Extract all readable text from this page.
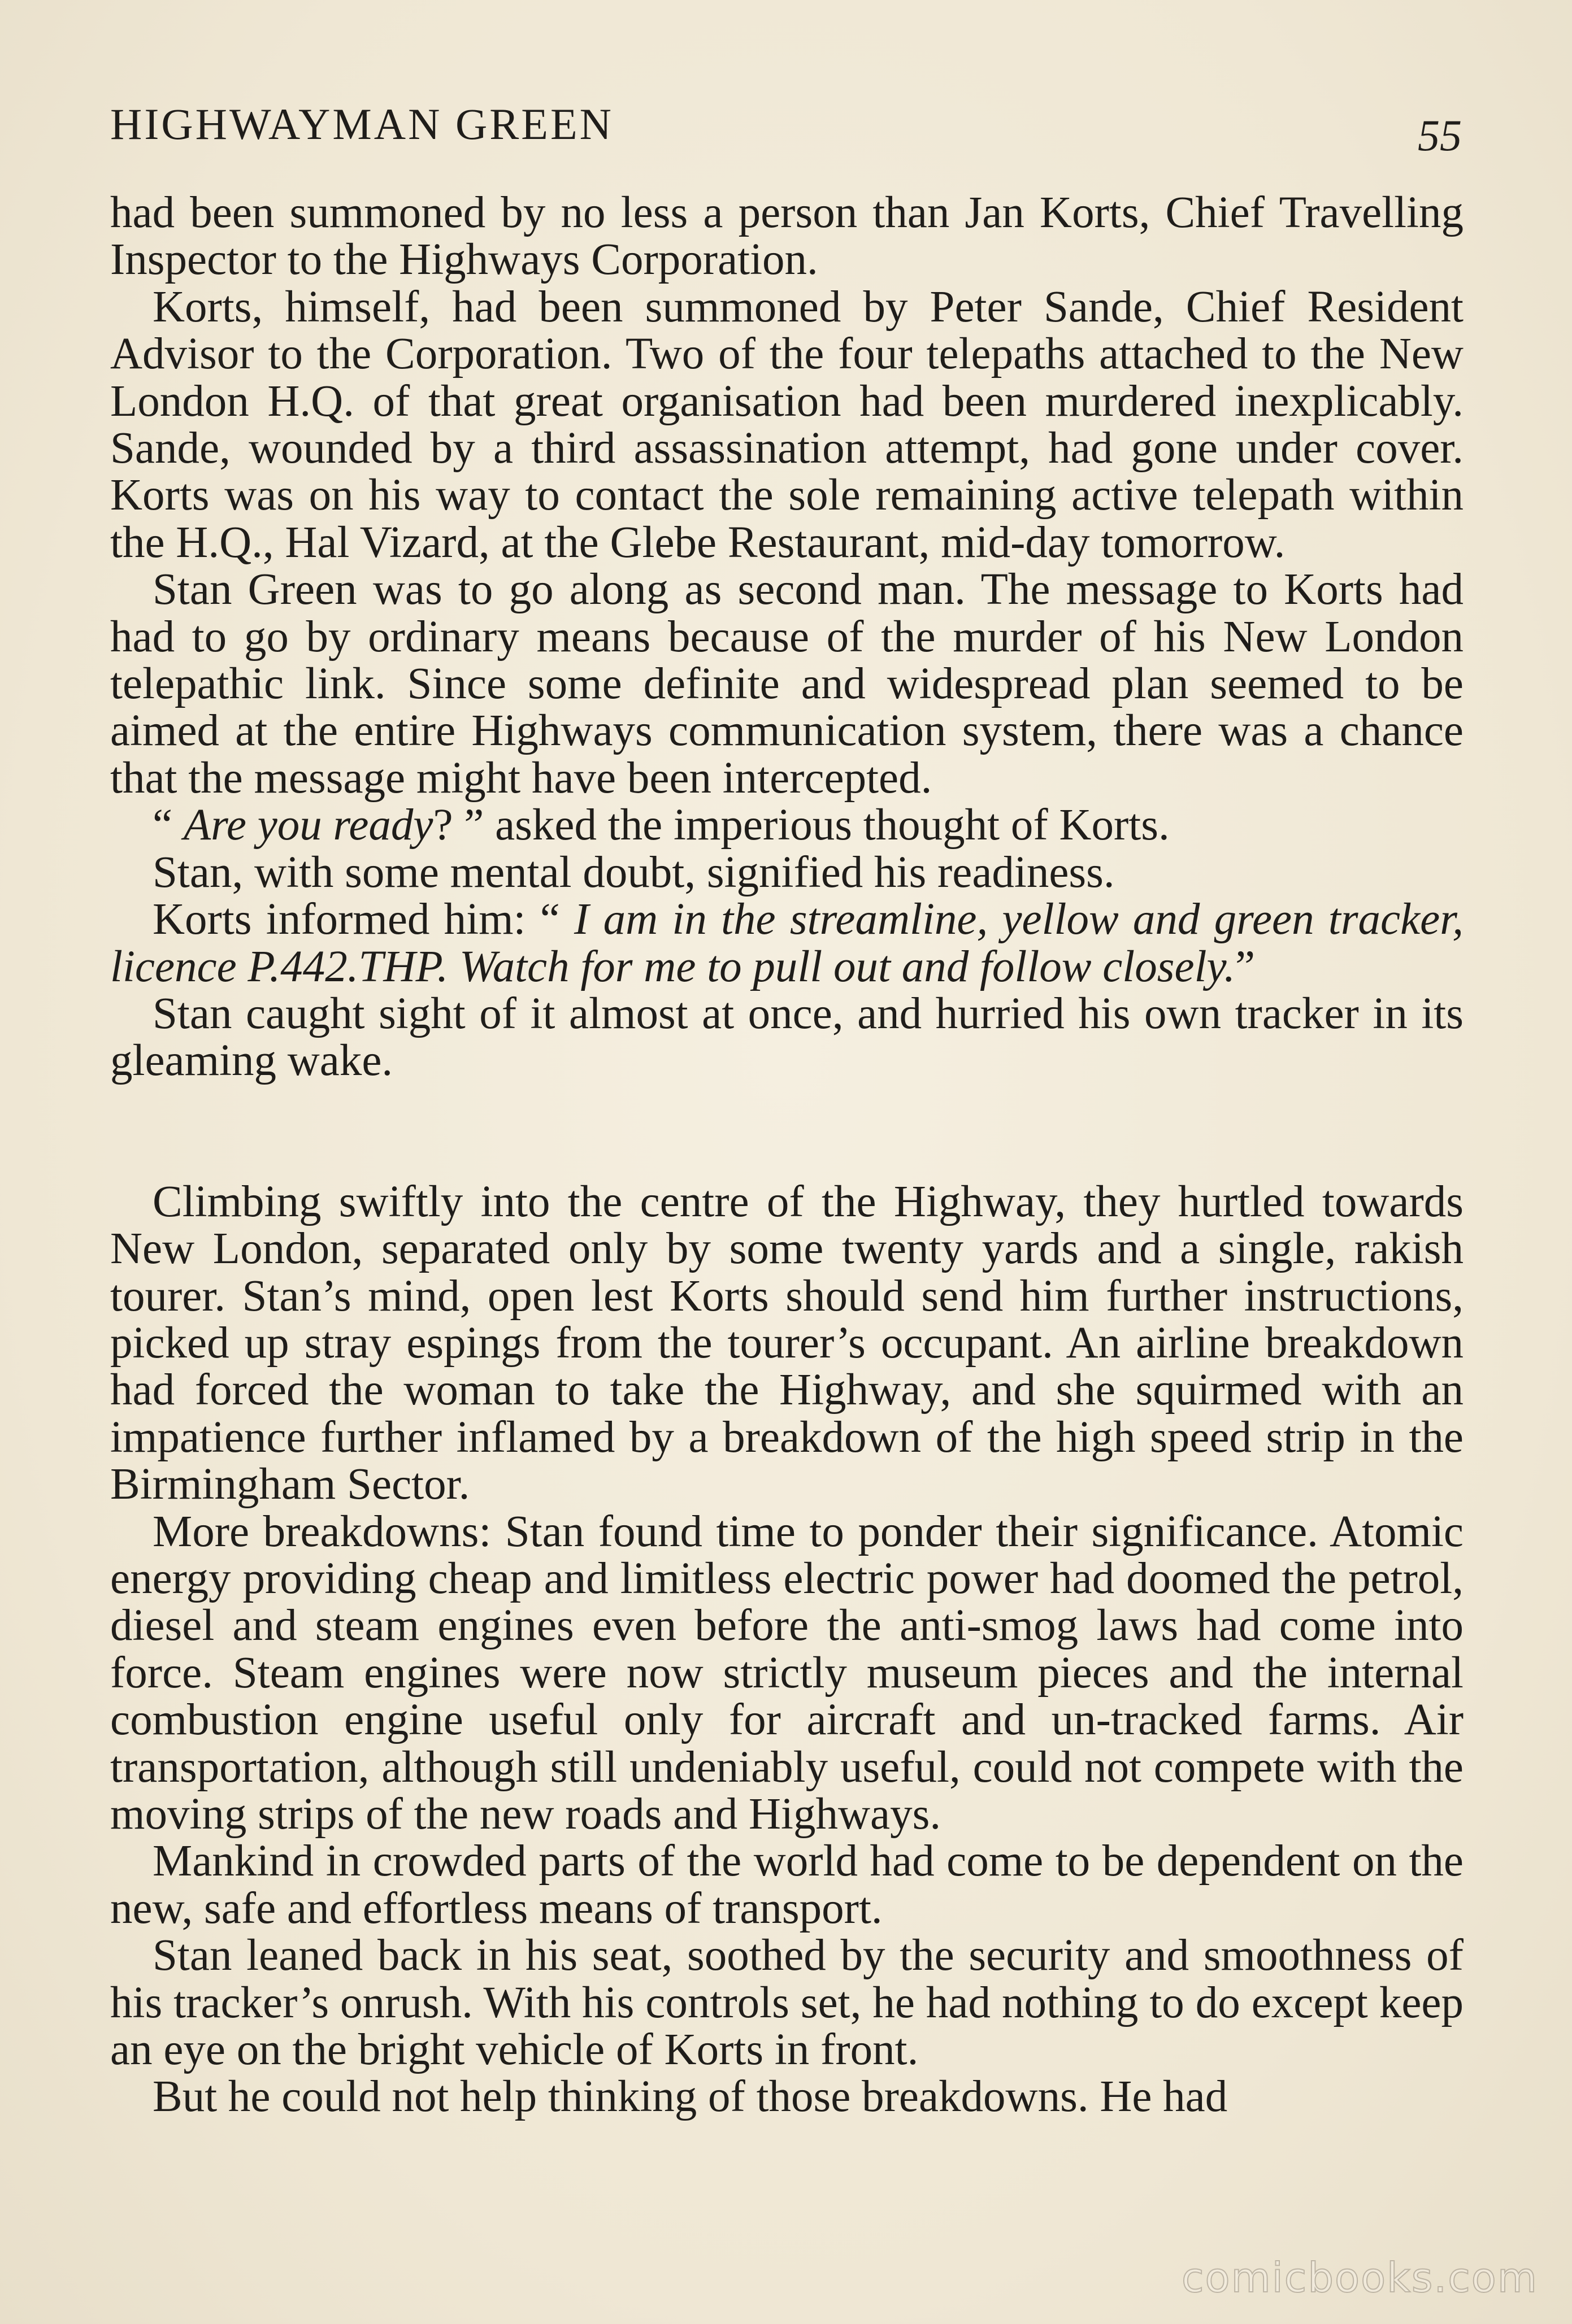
HIGHWAYMAN GREEN	55

had been summoned by no less a person than Jan Korts, Chief Travelling Inspector to the Highways Corporation.

Korts, himself, had been summoned by Peter Sande, Chief Resident Advisor to the Corporation. Two of the four telepaths attached to the New London H.Q. of that great organisation had been murdered inexplicably. Sande, wounded by a third assassination attempt, had gone under cover. Korts was on his way to contact the sole remaining active telepath within the H.Q., Hal Vizard, at the Glebe Restaurant, mid-day tomorrow.

Stan Green was to go along as second man. The message to Korts had had to go by ordinary means because of the murder of his New London telepathic link. Since some definite and widespread plan seemed to be aimed at the entire Highways communication system, there was a chance that the message might have been intercepted.

“ Are you ready? ” asked the imperious thought of Korts.

Stan, with some mental doubt, signified his readiness.

Korts informed him: “ I am in the streamline, yellow and green tracker, licence P.442.THP. Watch for me to pull out and follow closely.”

Stan caught sight of it almost at once, and hurried his own tracker in its gleaming wake.

Climbing swiftly into the centre of the Highway, they hurtled towards New London, separated only by some twenty yards and a single, rakish tourer. Stan’s mind, open lest Korts should send him further instructions, picked up stray espings from the tourer’s occupant. An airline breakdown had forced the woman to take the Highway, and she squirmed with an impatience further inflamed by a breakdown of the high speed strip in the Birmingham Sector.

More breakdowns: Stan found time to ponder their significance. Atomic energy providing cheap and limitless electric power had doomed the petrol, diesel and steam engines even before the anti-smog laws had come into force. Steam engines were now strictly museum pieces and the internal combustion engine useful only for aircraft and un-tracked farms. Air transportation, although still undeniably useful, could not compete with the moving strips of the new roads and Highways.

Mankind in crowded parts of the world had come to be dependent on the new, safe and effortless means of transport.

Stan leaned back in his seat, soothed by the security and smoothness of his tracker’s onrush. With his controls set, he had nothing to do except keep an eye on the bright vehicle of Korts in front.

But he could not help thinking of those breakdowns. He had

comicbooks.com
